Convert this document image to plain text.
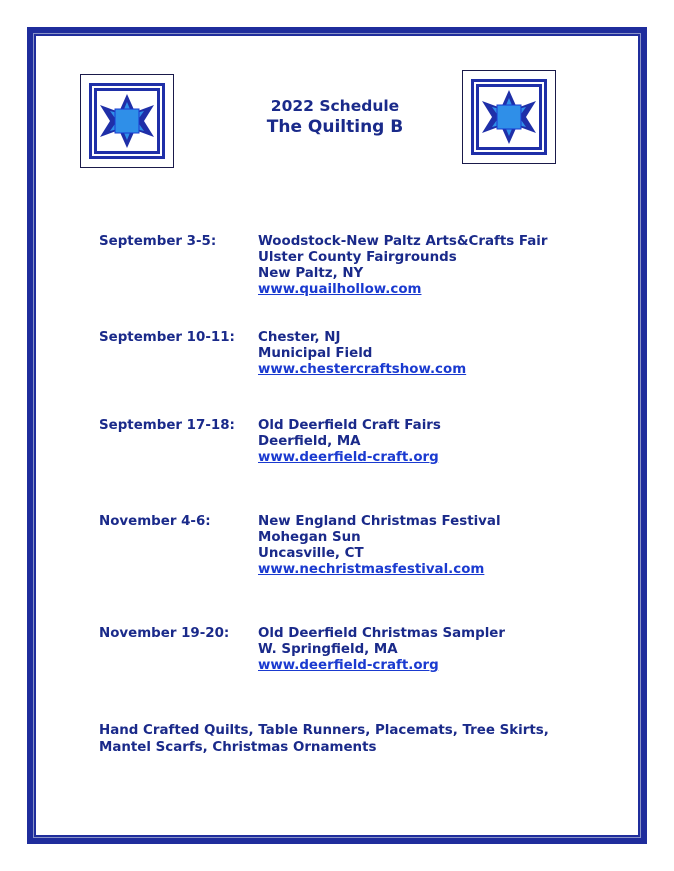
2022 Schedule
The Quilting B
September 3-5:	Woodstock-New Paltz Arts&Crafts Fair
Ulster County Fairgrounds
New Paltz, NY
www.quailhollow.com
September 10-11: Chester, NJ
Municipal Field
www.chestercraftshow.com
September 17-18: Old Deerfield Craft Fairs
Deerfield, MA
www.deerfield-craft.org
November 4-6:	New England Christmas Festival
Mohegan Sun
Uncasville, CT
www.nechristmasfestival.com
November 19-20: Old Deerfield Christmas Sampler
W. Springfield, MA
www.deerfield-craft.org
Hand Crafted Quilts, Table Runners, Placemats, Tree Skirts,
Mantel Scarfs, Christmas Ornaments
